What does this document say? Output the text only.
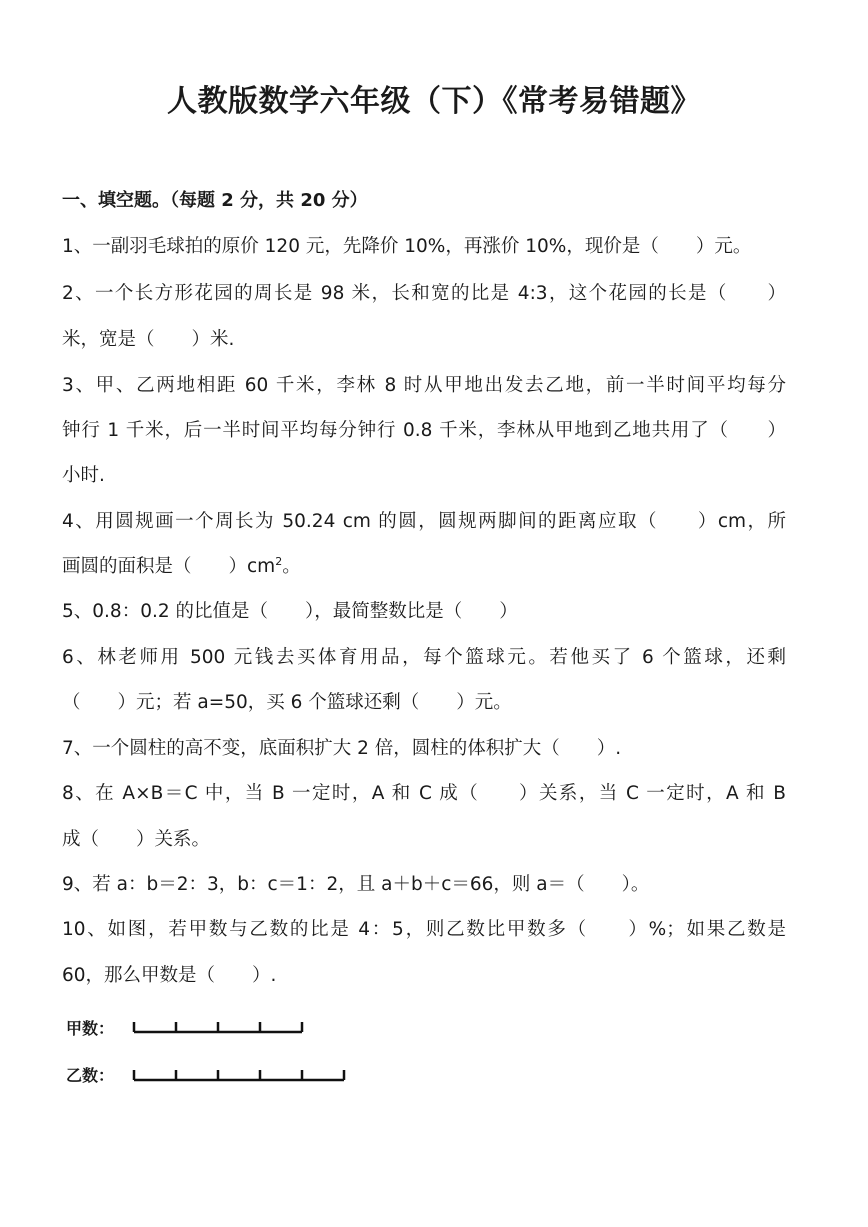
人教版数学六年级（下）《常考易错题》
一、填空题。（每题 2 分，共 20 分）
1、一副羽毛球拍的原价 120 元，先降价 10%，再涨价 10%，现价是（　　）元。
2、一个长方形花园的周长是 98 米，长和宽的比是 4:3，这个花园的长是（　　）
米，宽是（　　）米.
3、甲、乙两地相距 60 千米，李林 8 时从甲地出发去乙地，前一半时间平均每分
钟行 1 千米，后一半时间平均每分钟行 0.8 千米，李林从甲地到乙地共用了（　　）
小时.
4、用圆规画一个周长为 50.24 cm 的圆，圆规两脚间的距离应取（　　）cm，所
画圆的面积是（　　）$cm^2$。
5、0.8：0.2 的比值是（　　），最简整数比是（　　）
6、林老师用 500 元钱去买体育用品，每个篮球元。若他买了 6 个篮球，还剩
（　　）元；若 a=50，买 6 个篮球还剩（　　）元。
7、一个圆柱的高不变，底面积扩大 2 倍，圆柱的体积扩大（　　）.
8、在 A×B＝C 中，当 B 一定时，A 和 C 成（　　）关系，当 C 一定时，A 和 B
成（　　）关系。
9、若 a：b＝2：3，b：c＝1：2，且 a＋b＋c＝66，则 a＝（　　）。
10、如图，若甲数与乙数的比是 4：5，则乙数比甲数多（　　）%；如果乙数是
60，那么甲数是（　　）.
甲数：
乙数：
